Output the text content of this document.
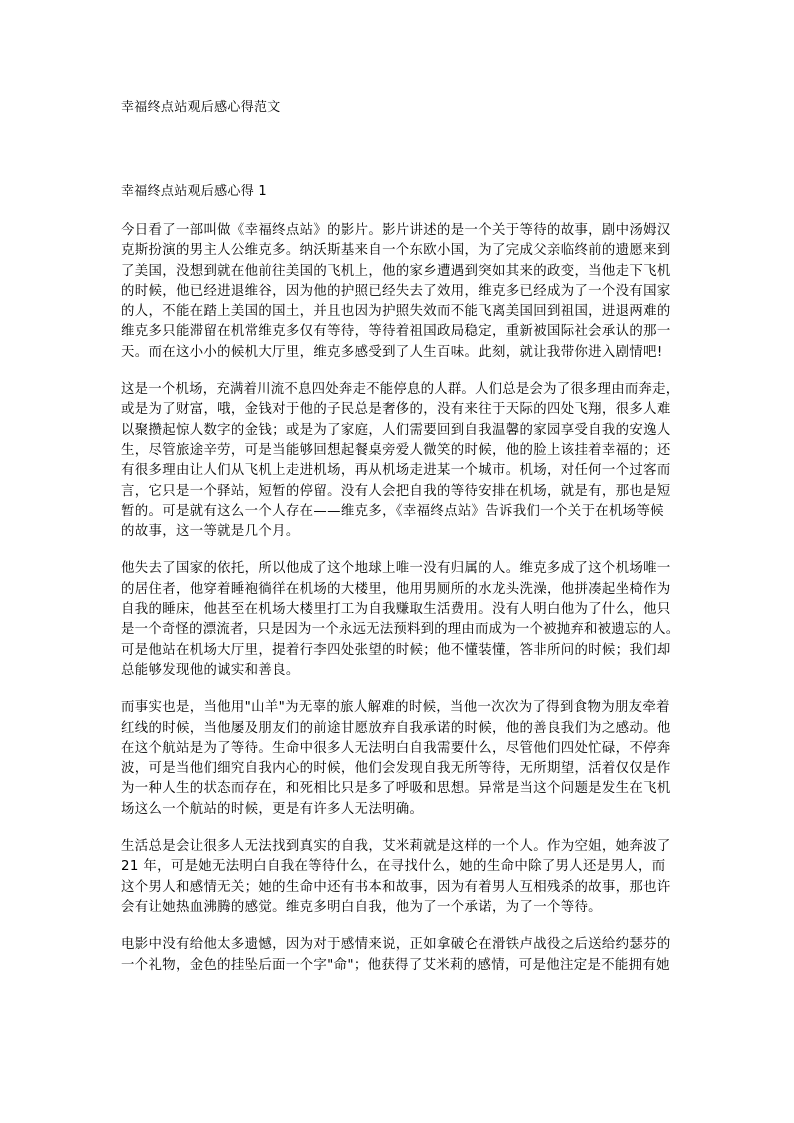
幸福终点站观后感心得范文
幸福终点站观后感心得 1
今日看了一部叫做《幸福终点站》的影片。影片讲述的是一个关于等待的故事，剧中汤姆汉
克斯扮演的男主人公维克多。纳沃斯基来自一个东欧小国，为了完成父亲临终前的遗愿来到
了美国，没想到就在他前往美国的飞机上，他的家乡遭遇到突如其来的政变，当他走下飞机
的时候，他已经进退维谷，因为他的护照已经失去了效用，维克多已经成为了一个没有国家
的人，不能在踏上美国的国土，并且也因为护照失效而不能飞离美国回到祖国，进退两难的
维克多只能滞留在机常维克多仅有等待，等待着祖国政局稳定，重新被国际社会承认的那一
天。而在这小小的候机大厅里，维克多感受到了人生百味。此刻，就让我带你进入剧情吧!
这是一个机场，充满着川流不息四处奔走不能停息的人群。人们总是会为了很多理由而奔走，
或是为了财富，哦，金钱对于他的子民总是奢侈的，没有来往于天际的四处飞翔，很多人难
以聚攒起惊人数字的金钱；或是为了家庭，人们需要回到自我温馨的家园享受自我的安逸人
生，尽管旅途辛劳，可是当能够回想起餐桌旁爱人微笑的时候，他的脸上该挂着幸福的；还
有很多理由让人们从飞机上走进机场，再从机场走进某一个城市。机场，对任何一个过客而
言，它只是一个驿站，短暂的停留。没有人会把自我的等待安排在机场，就是有，那也是短
暂的。可是就有这么一个人存在——维克多，《幸福终点站》告诉我们一个关于在机场等候
的故事，这一等就是几个月。
他失去了国家的依托，所以他成了这个地球上唯一没有归属的人。维克多成了这个机场唯一
的居住者，他穿着睡袍徜徉在机场的大楼里，他用男厕所的水龙头洗澡，他拼凑起坐椅作为
自我的睡床，他甚至在机场大楼里打工为自我赚取生活费用。没有人明白他为了什么，他只
是一个奇怪的漂流者，只是因为一个永远无法预料到的理由而成为一个被抛弃和被遗忘的人。
可是他站在机场大厅里，提着行李四处张望的时候；他不懂装懂，答非所问的时候；我们却
总能够发现他的诚实和善良。
而事实也是，当他用"山羊"为无辜的旅人解难的时候，当他一次次为了得到食物为朋友牵着
红线的时候，当他屡及朋友们的前途甘愿放弃自我承诺的时候，他的善良我们为之感动。他
在这个航站是为了等待。生命中很多人无法明白自我需要什么，尽管他们四处忙碌，不停奔
波，可是当他们细究自我内心的时候，他们会发现自我无所等待，无所期望，活着仅仅是作
为一种人生的状态而存在，和死相比只是多了呼吸和思想。异常是当这个问题是发生在飞机
场这么一个航站的时候，更是有许多人无法明确。
生活总是会让很多人无法找到真实的自我，艾米莉就是这样的一个人。作为空姐，她奔波了
21 年，可是她无法明白自我在等待什么，在寻找什么，她的生命中除了男人还是男人，而
这个男人和感情无关；她的生命中还有书本和故事，因为有着男人互相残杀的故事，那也许
会有让她热血沸腾的感觉。维克多明白自我，他为了一个承诺，为了一个等待。
电影中没有给他太多遗憾，因为对于感情来说，正如拿破仑在滑铁卢战役之后送给约瑟芬的
一个礼物，金色的挂坠后面一个字"命"；他获得了艾米莉的感情，可是他注定是不能拥有她
